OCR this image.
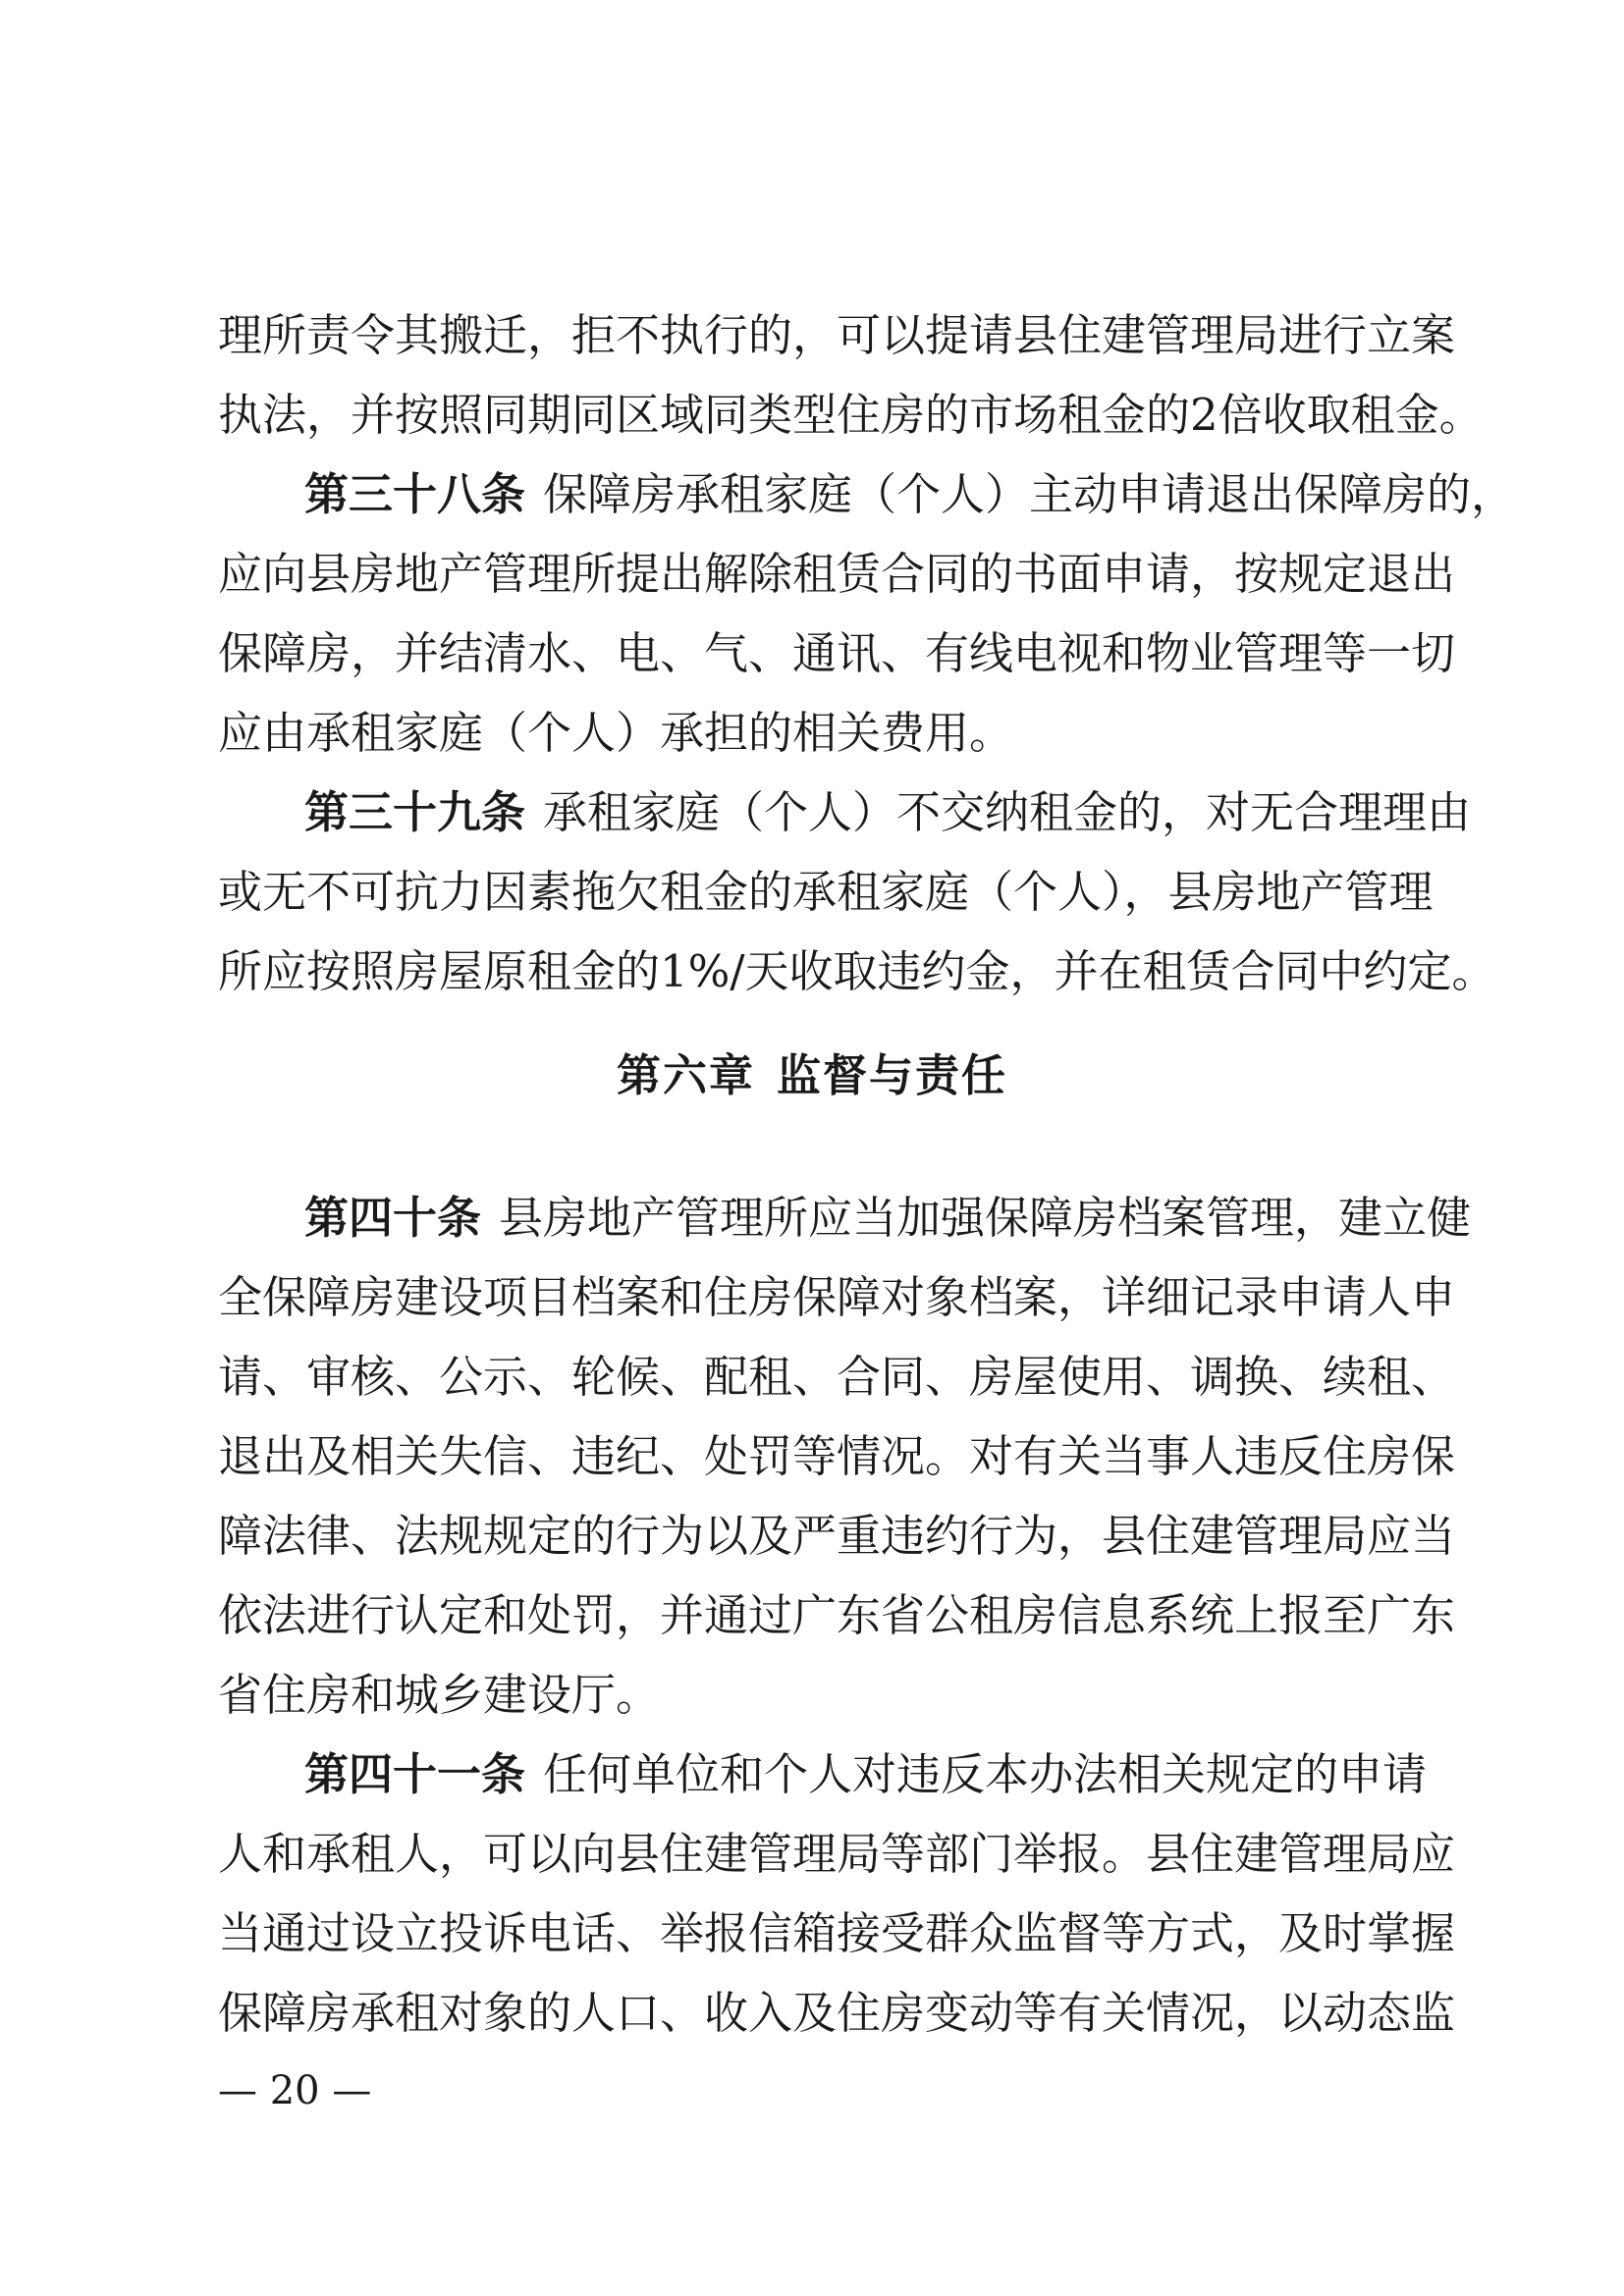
理所责令其搬迁，拒不执行的，可以提请县住建管理局进行立案
执法，并按照同期同区域同类型住房的市场租金的2倍收取租金。
第三十八条 保障房承租家庭（个人）主动申请退出保障房的，
应向县房地产管理所提出解除租赁合同的书面申请，按规定退出
保障房，并结清水、电、气、通讯、有线电视和物业管理等一切
应由承租家庭（个人）承担的相关费用。
第三十九条 承租家庭（个人）不交纳租金的，对无合理理由
或无不可抗力因素拖欠租金的承租家庭（个人），县房地产管理
所应按照房屋原租金的1%/天收取违约金，并在租赁合同中约定。
第六章 监督与责任
第四十条 县房地产管理所应当加强保障房档案管理，建立健
全保障房建设项目档案和住房保障对象档案，详细记录申请人申
请、审核、公示、轮候、配租、合同、房屋使用、调换、续租、
退出及相关失信、违纪、处罚等情况。对有关当事人违反住房保
障法律、法规规定的行为以及严重违约行为，县住建管理局应当
依法进行认定和处罚，并通过广东省公租房信息系统上报至广东
省住房和城乡建设厅。
第四十一条 任何单位和个人对违反本办法相关规定的申请
人和承租人，可以向县住建管理局等部门举报。县住建管理局应
当通过设立投诉电话、举报信箱接受群众监督等方式，及时掌握
保障房承租对象的人口、收入及住房变动等有关情况，以动态监
— 20 —
